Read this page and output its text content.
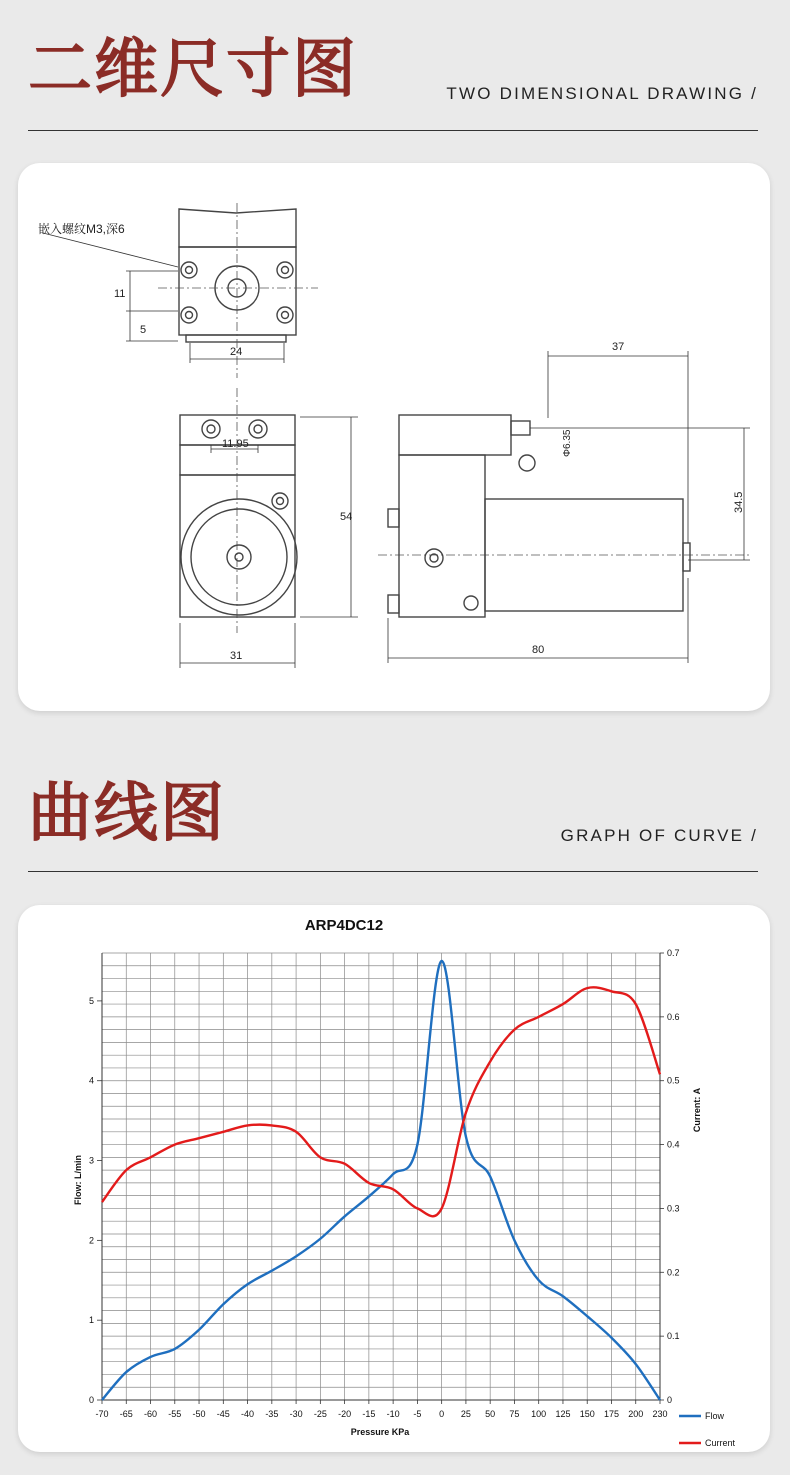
二维尺寸图	TWO DIMENSIONAL DRAWING /
嵌入螺纹M3,深6
11
5
24
11.95
54
31
37
Φ6.35
34.5
80
曲线图	GRAPH OF CURVE /
ARP4DC12
Pressure KPa
Flow: L/min
Current: A
-70 -65 -60 -55 -50 -45 -40 -35 -30 -25 -20 -15 -10 -5 0 25 50 75 100 125 150 175 200 230
0
1
2
3
4
5
0
0.1
0.2
0.3
0.4
0.5
0.6
0.7
Flow
Current
